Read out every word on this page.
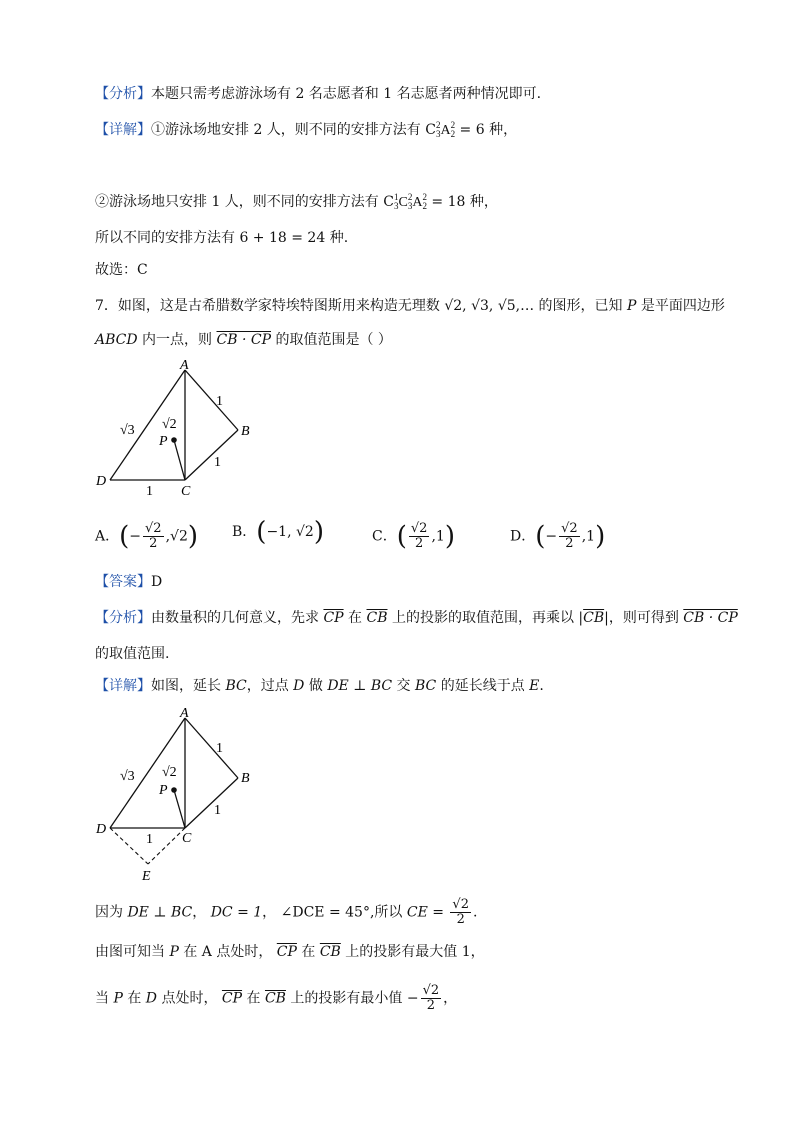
【分析】本题只需考虑游泳场有 2 名志愿者和 1 名志愿者两种情况即可.
【详解】①游泳场地安排 2 人，则不同的安排方法有 C 2
3 A 2
2 = 6 种，
②游泳场地只安排 1 人，则不同的安排方法有 C 1
3 C 2
3 A 2
2 = 18 种，
所以不同的安排方法有 6 + 18 = 24 种.
故选：C
7．如图，这是古希腊数学家特埃特图斯用来构造无理数 √2, √3, √5,… 的图形，已知 P 是平面四边形
ABCD 内一点，则 CB · CP 的取值范围是（ ）
A
B
C
D
P
√3
1
1
1
√2
A．(− $\frac{√2}{2} ,√2$) B．(−1, √2)	C．( $\frac{√2}{2} ,1$)	D．(− $\frac{√2}{2} ,1$)
【答案】D
【分析】由数量积的几何意义，先求 $\overline{CP}$ 在 $\overline{CB}$ 上的投影的取值范围，再乘以 $|\overline{CB}|$，则可得到 CB · CP
的取值范围.
【详解】如图，延长 BC，过点 D 做 DE ⊥ BC 交 BC 的延长线于点 E.
A
B
C
D
P
E
√3
1
1
1
√2
因为 DE ⊥ BC， DC = 1， ∠DCE = 45°,所以 CE = $\frac{√2}{2}$ .
由图可知当 P 在 A 点处时， $\overline{CP}$ 在 $\overline{CB}$ 上的投影有最大值 1，
当 P 在 D 点处时， $\overline{CP}$ 在 $\overline{CB}$ 上的投影有最小值 − $\frac{√2}{2}$ ，
